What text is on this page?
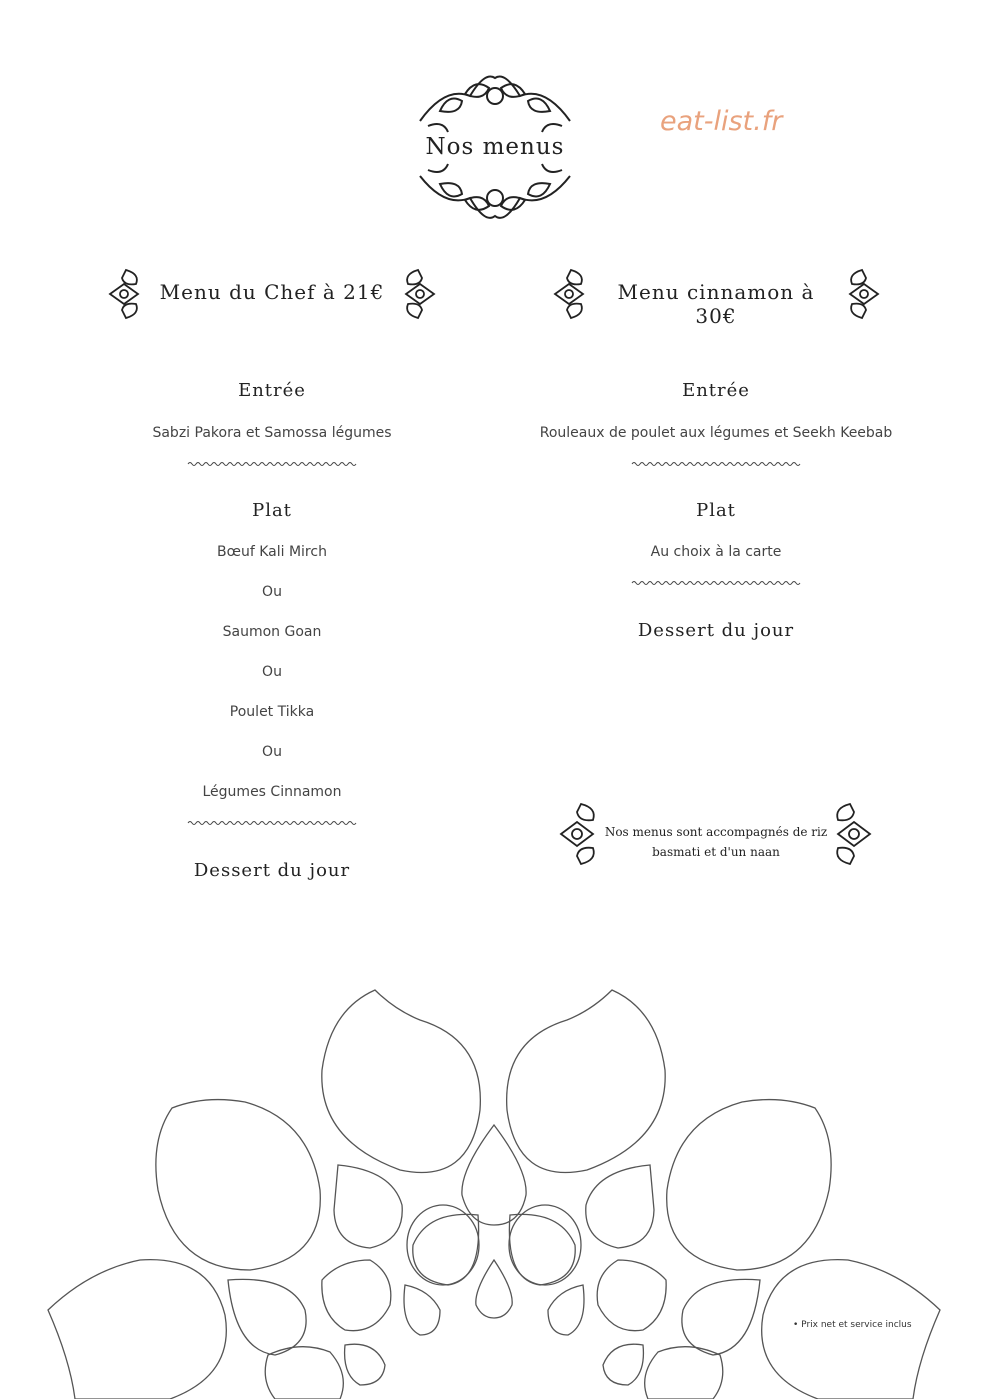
eat-list.fr
Nos menus
Menu du Chef à 21€	Menu cinnamon à 30€
Entrée
Sabzi Pakora et Samossa légumes
Plat
Bœuf Kali Mirch
Ou
Saumon Goan
Ou
Poulet Tikka
Ou
Légumes Cinnamon
Dessert du jour
Entrée
Rouleaux de poulet aux légumes et Seekh Keebab
Plat
Au choix à la carte
Dessert du jour
Nos menus sont accompagnés de riz
basmati et d'un naan
• Prix net et service inclus
